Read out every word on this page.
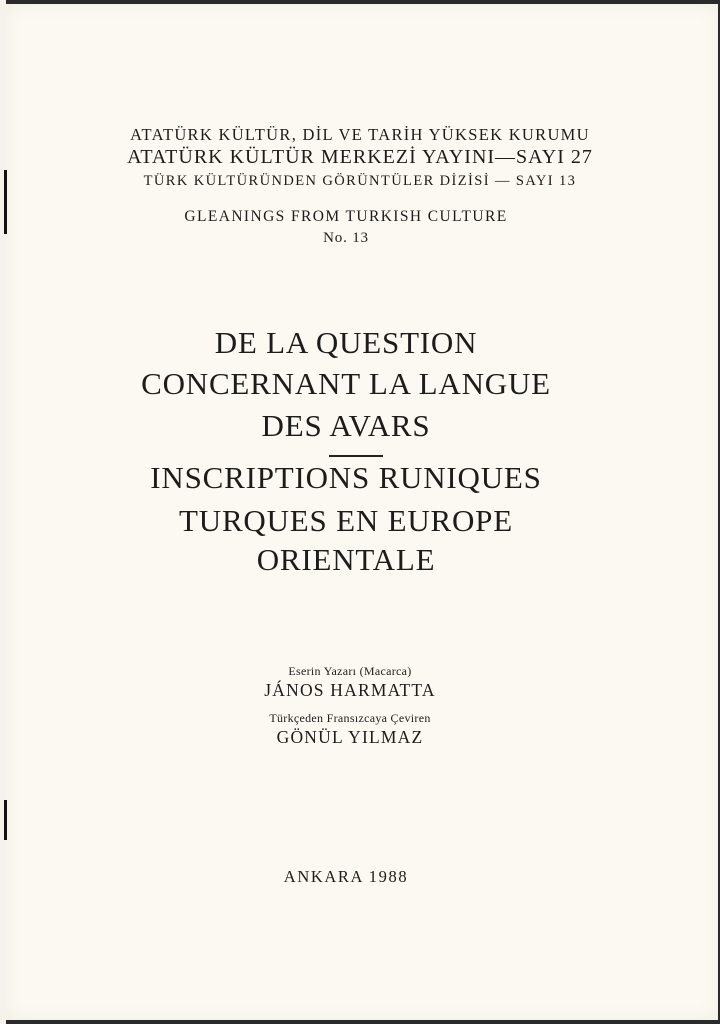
ATATÜRK KÜLTÜR, DİL VE TARİH YÜKSEK KURUMU
ATATÜRK KÜLTÜR MERKEZİ YAYINI—SAYI 27
TÜRK KÜLTÜRÜNDEN GÖRÜNTÜLER DİZİSİ — SAYI 13
GLEANINGS FROM TURKISH CULTURE
No. 13
DE LA QUESTION
CONCERNANT LA LANGUE
DES AVARS
INSCRIPTIONS RUNIQUES
TURQUES EN EUROPE
ORIENTALE
Eserin Yazarı (Macarca)
JÁNOS HARMATTA
Türkçeden Fransızcaya Çeviren
GÖNÜL YILMAZ
ANKARA 1988
